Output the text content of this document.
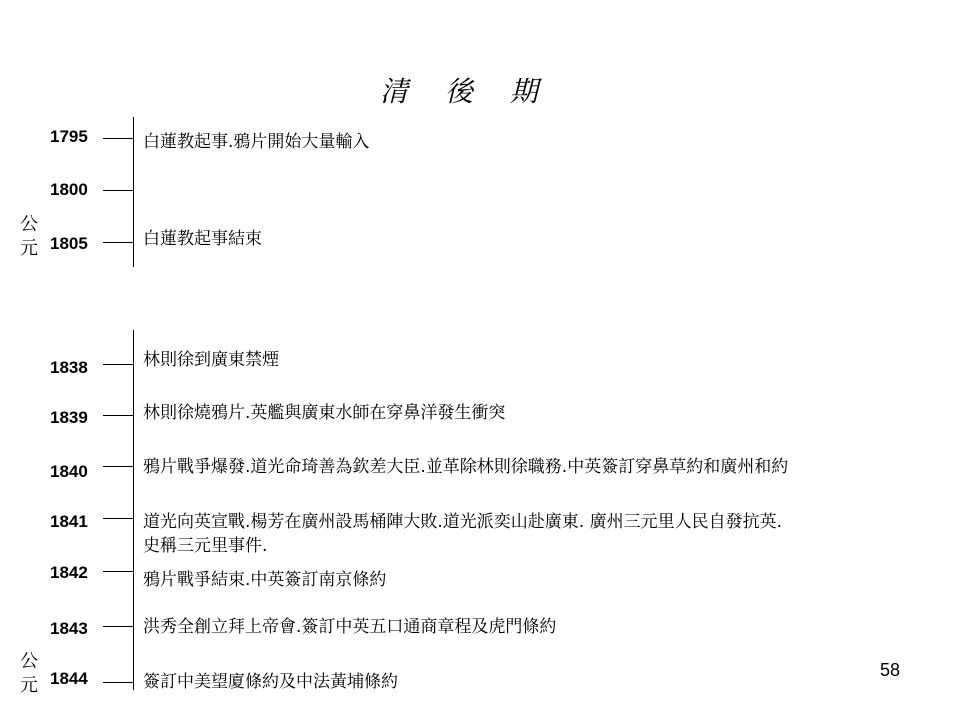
清 後 期
1795	白蓮教起事.鴉片開始大量輸入
1800
1805	白蓮教起事結束
公
元
1838	林則徐到廣東禁煙
1839	林則徐燒鴉片.英艦與廣東水師在穿鼻洋發生衝突
1840	鴉片戰爭爆發.道光命琦善為欽差大臣.並革除林則徐職務.中英簽訂穿鼻草約和廣州和約
1841	道光向英宣戰.楊芳在廣州設馬桶陣大敗.道光派奕山赴廣東. 廣州三元里人民自發抗英.
史稱三元里事件.
1842	鴉片戰爭結束.中英簽訂南京條約
1843	洪秀全創立拜上帝會.簽訂中英五口通商章程及虎門條約
1844	簽訂中美望廈條約及中法黃埔條約
公
元
58
